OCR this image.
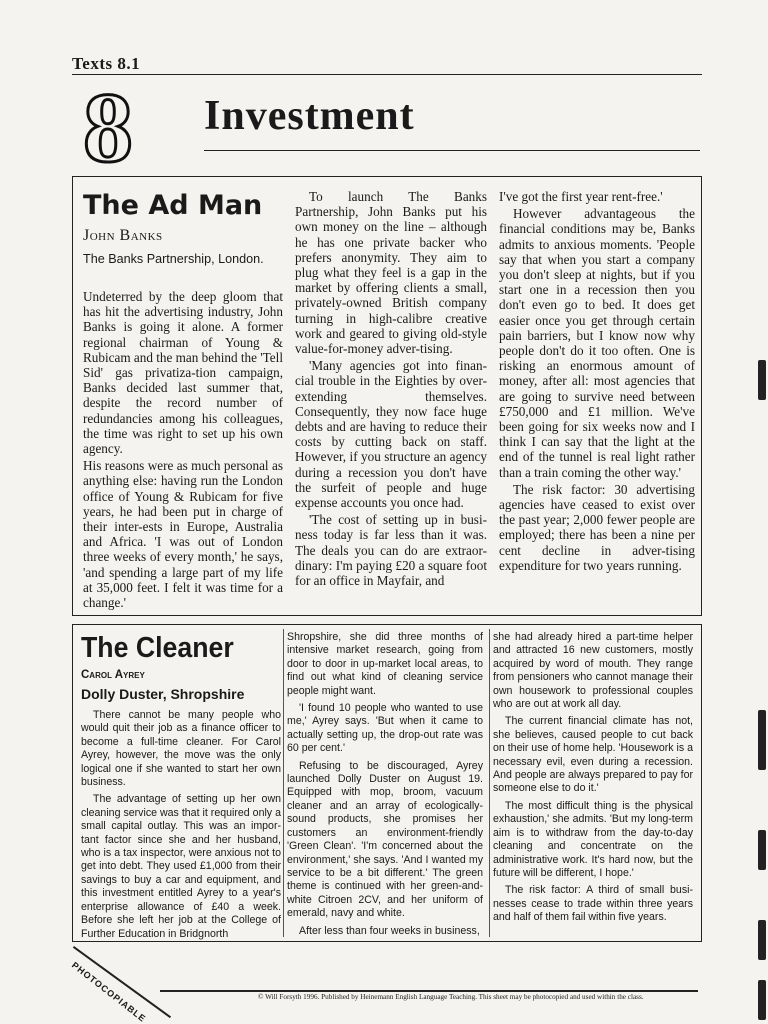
Texts 8.1
8 Investment
The Ad Man
John Banks
The Banks Partnership, London.

Undeterred by the deep gloom that has hit the advertising industry, John Banks is going it alone. A former regional chairman of Young & Rubicam and the man behind the 'Tell Sid' gas privatiza-tion campaign, Banks decided last summer that, despite the record number of redundancies among his colleagues, the time was right to set up his own agency.

His reasons were as much personal as anything else: having run the London office of Young & Rubicam for five years, he had been put in charge of their inter-ests in Europe, Australia and Africa. 'I was out of London three weeks of every month,' he says, 'and spending a large part of my life at 35,000 feet. I felt it was time for a change.'

To launch The Banks Partnership, John Banks put his own money on the line – although he has one private backer who prefers anonymity. They aim to plug what they feel is a gap in the market by offering clients a small, privately-owned British company turning in high-calibre creative work and geared to giving old-style value-for-money adver-tising.

'Many agencies got into finan-cial trouble in the Eighties by over-extending themselves. Consequently, they now face huge debts and are having to reduce their costs by cutting back on staff. However, if you structure an agency during a recession you don't have the surfeit of people and huge expense accounts you once had.

'The cost of setting up in busi-ness today is far less than it was. The deals you can do are extraor-dinary: I'm paying £20 a square foot for an office in Mayfair, and

I've got the first year rent-free.'

However advantageous the financial conditions may be, Banks admits to anxious moments. 'People say that when you start a company you don't sleep at nights, but if you start one in a recession then you don't even go to bed. It does get easier once you get through certain pain barriers, but I know now why people don't do it too often. One is risking an enormous amount of money, after all: most agencies that are going to survive need between £750,000 and £1 million. We've been going for six weeks now and I think I can say that the light at the end of the tunnel is real light rather than a train coming the other way.'

The risk factor: 30 advertising agencies have ceased to exist over the past year; 2,000 fewer people are employed; there has been a nine per cent decline in adver-tising expenditure for two years running.

The Cleaner
Carol Ayrey
Dolly Duster, Shropshire

There cannot be many people who would quit their job as a finance officer to become a full-time cleaner. For Carol Ayrey, however, the move was the only logical one if she wanted to start her own business.

The advantage of setting up her own cleaning service was that it required only a small capital outlay. This was an impor-tant factor since she and her husband, who is a tax inspector, were anxious not to get into debt. They used £1,000 from their savings to buy a car and equipment, and this investment entitled Ayrey to a year's enterprise allowance of £40 a week. Before she left her job at the College of Further Education in Bridgnorth

Shropshire, she did three months of intensive market research, going from door to door in up-market local areas, to find out what kind of cleaning service people might want.

'I found 10 people who wanted to use me,' Ayrey says. 'But when it came to actually setting up, the drop-out rate was 60 per cent.'

Refusing to be discouraged, Ayrey launched Dolly Duster on August 19. Equipped with mop, broom, vacuum cleaner and an array of ecologically-sound products, she promises her customers an environment-friendly 'Green Clean'. 'I'm concerned about the environment,' she says. 'And I wanted my service to be a bit different.' The green theme is continued with her green-and-white Citroen 2CV, and her uniform of emerald, navy and white.

After less than four weeks in business,

she had already hired a part-time helper and attracted 16 new customers, mostly acquired by word of mouth. They range from pensioners who cannot manage their own housework to professional couples who are out at work all day.

The current financial climate has not, she believes, caused people to cut back on their use of home help. 'Housework is a necessary evil, even during a recession. And people are always prepared to pay for someone else to do it.'

The most difficult thing is the physical exhaustion,' she admits. 'But my long-term aim is to withdraw from the day-to-day cleaning and concentrate on the administrative work. It's hard now, but the future will be different, I hope.'

The risk factor: A third of small busi-nesses cease to trade within three years and half of them fail within five years.

PHOTOCOPIABLE	© Will Forsyth 1996. Published by Heinemann English Language Teaching. This sheet may be photocopied and used within the class.
